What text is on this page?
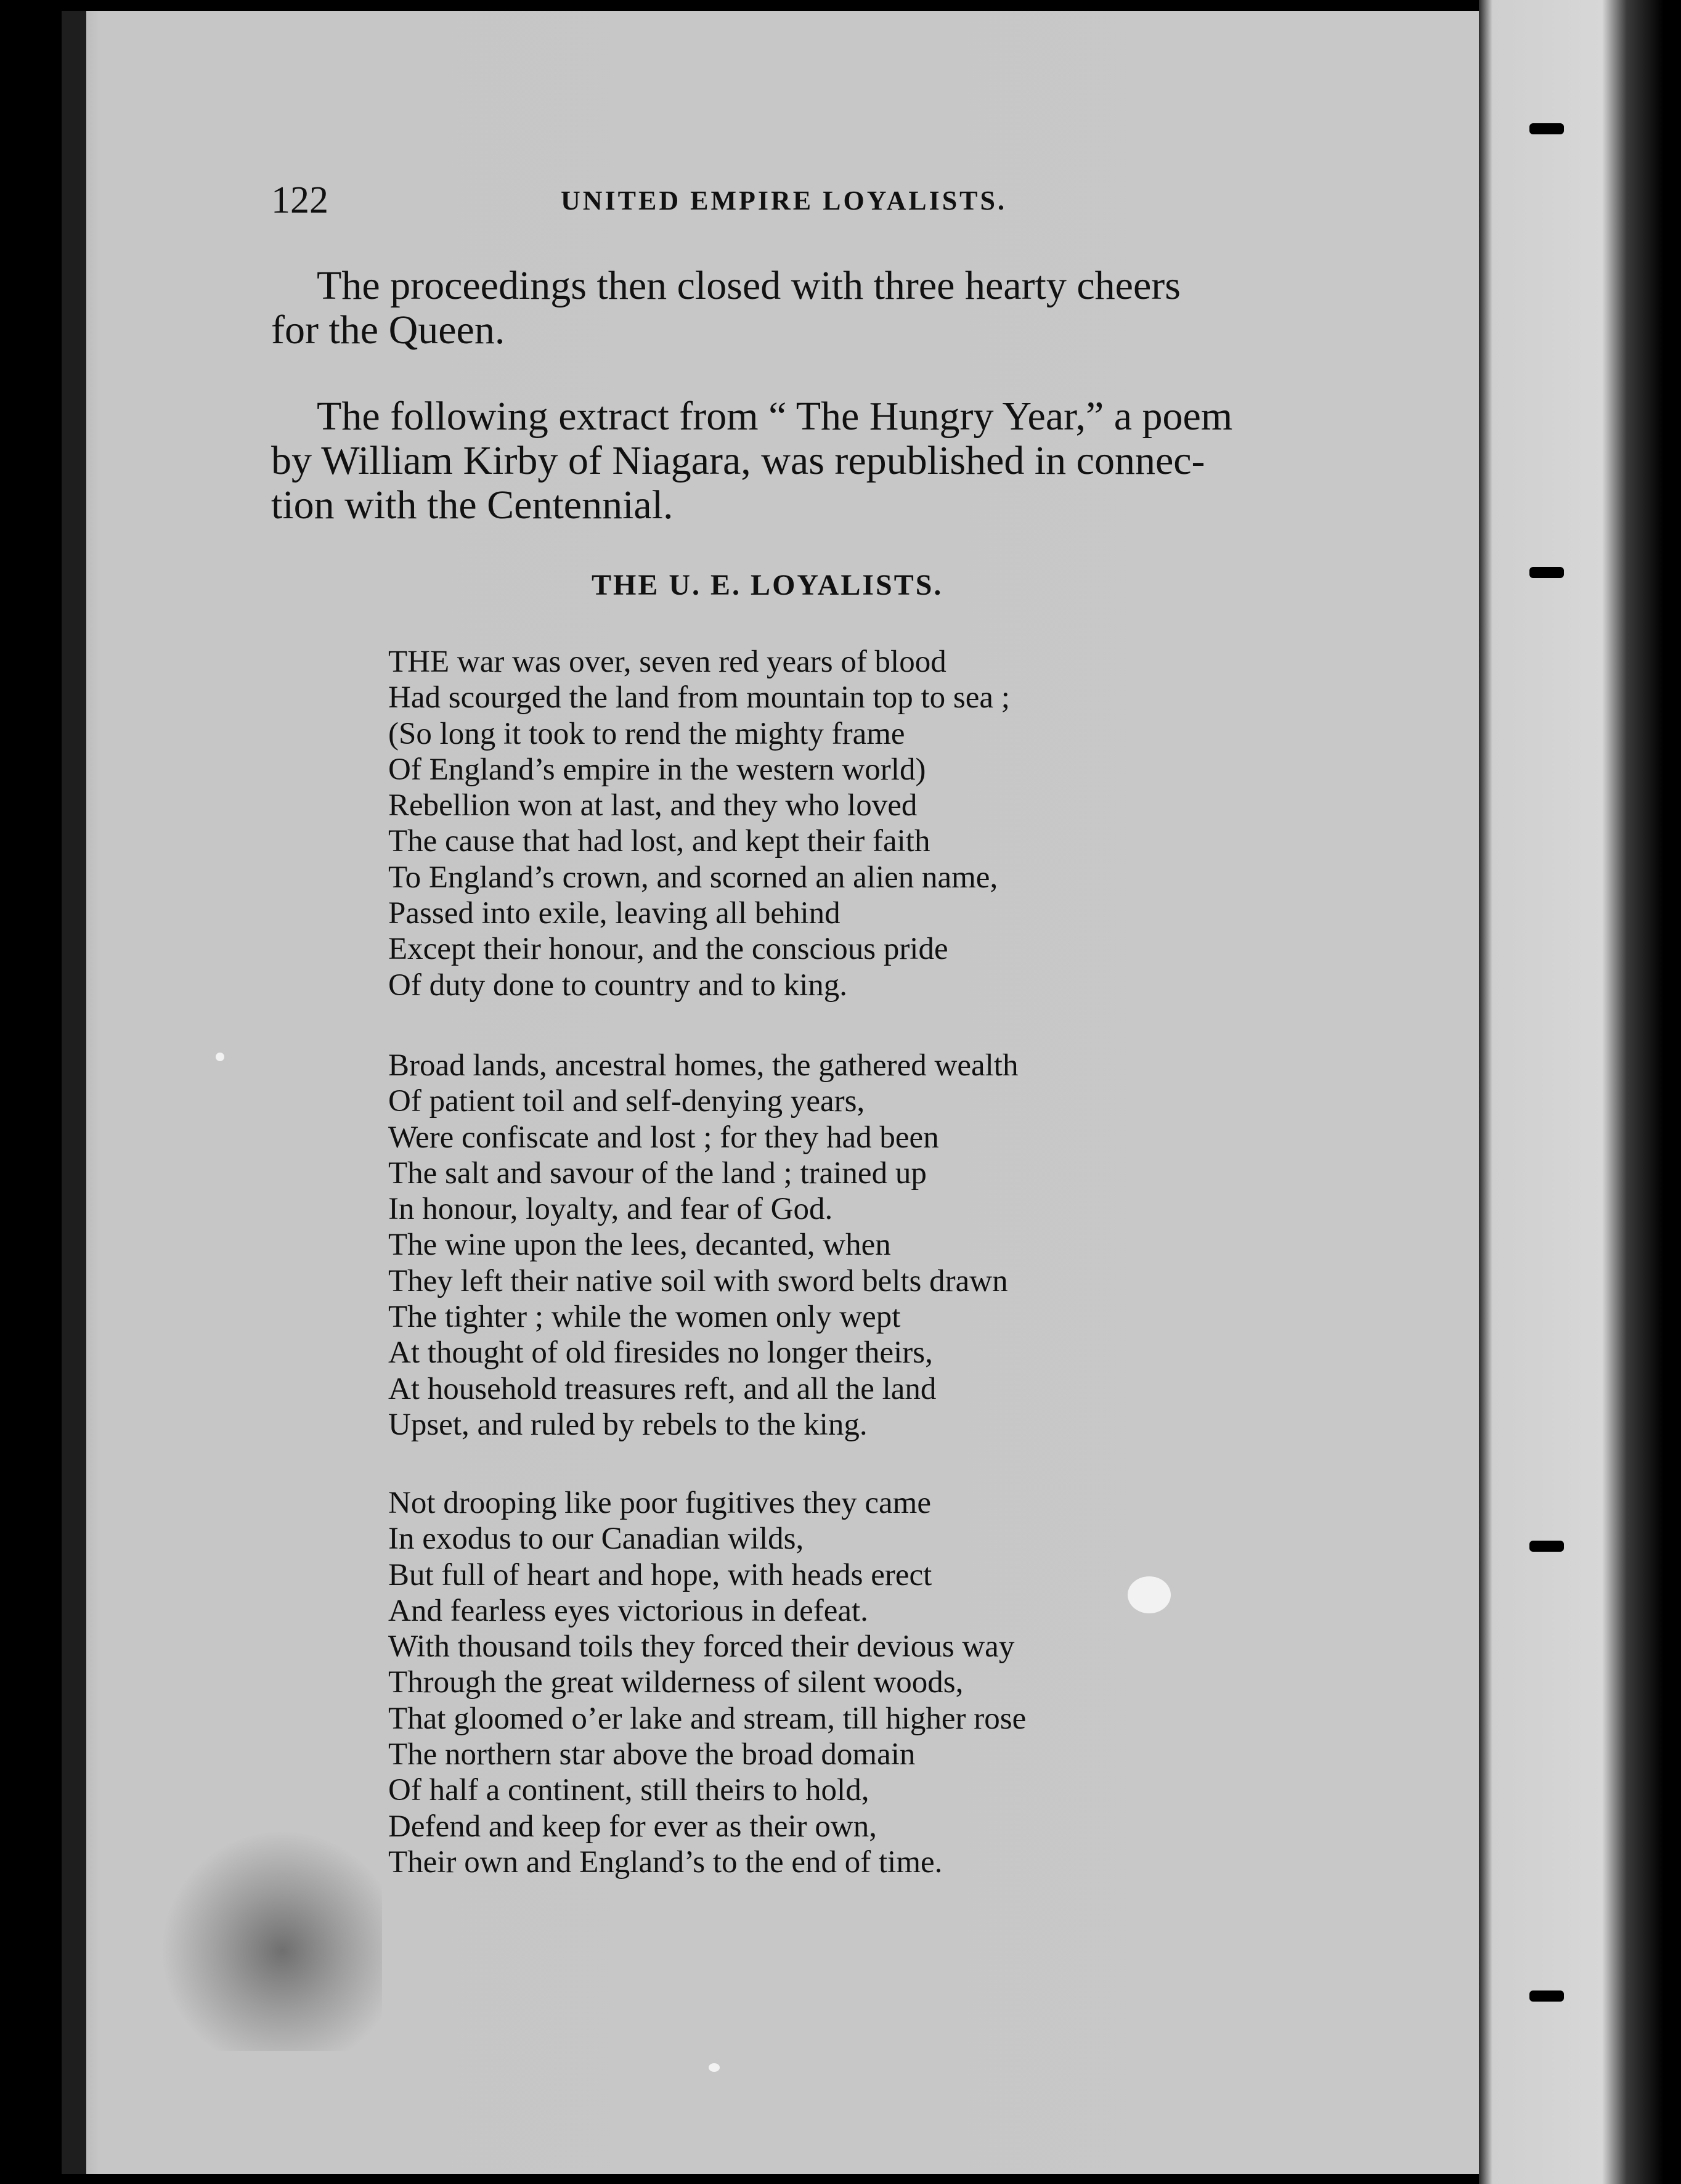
122	UNITED EMPIRE LOYALISTS.

The proceedings then closed with three hearty cheers
for the Queen.

The following extract from “ The Hungry Year,” a poem
by William Kirby of Niagara, was republished in connec-
tion with the Centennial.

THE U. E. LOYALISTS.
THE war was over, seven red years of blood
Had scourged the land from mountain top to sea ;
(So long it took to rend the mighty frame
Of England’s empire in the western world)
Rebellion won at last, and they who loved
The cause that had lost, and kept their faith
To England’s crown, and scorned an alien name,
Passed into exile, leaving all behind
Except their honour, and the conscious pride
Of duty done to country and to king.
Broad lands, ancestral homes, the gathered wealth
Of patient toil and self-denying years,
Were confiscate and lost ; for they had been
The salt and savour of the land ; trained up
In honour, loyalty, and fear of God.
The wine upon the lees, decanted, when
They left their native soil with sword belts drawn
The tighter ; while the women only wept
At thought of old firesides no longer theirs,
At household treasures reft, and all the land
Upset, and ruled by rebels to the king.
Not drooping like poor fugitives they came
In exodus to our Canadian wilds,
But full of heart and hope, with heads erect
And fearless eyes victorious in defeat.
With thousand toils they forced their devious way
Through the great wilderness of silent woods,
That gloomed o’er lake and stream, till higher rose
The northern star above the broad domain
Of half a continent, still theirs to hold,
Defend and keep for ever as their own,
Their own and England’s to the end of time.
